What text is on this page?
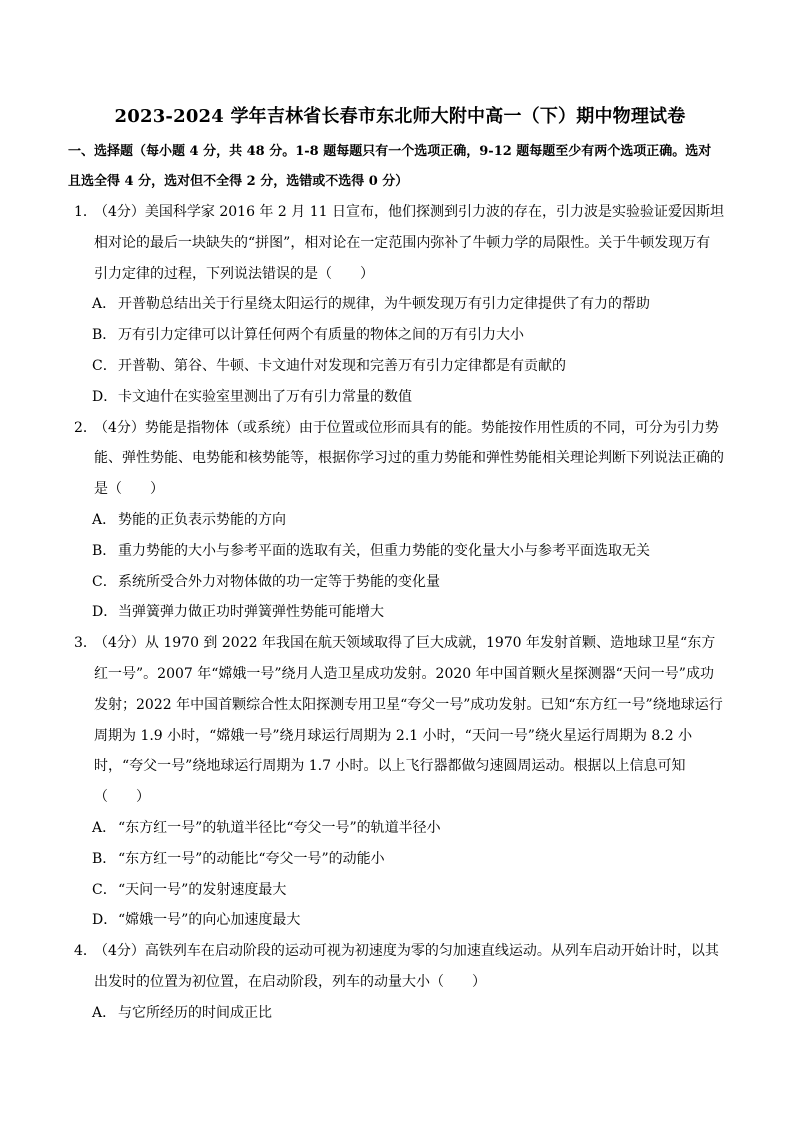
2023-2024 学年吉林省长春市东北师大附中高一（下）期中物理试卷
一、选择题（每小题 4 分，共 48 分。1-8 题每题只有一个选项正确，9-12 题每题至少有两个选项正确。选对且选全得 4 分，选对但不全得 2 分，选错或不选得 0 分）
1．
（4分）美国科学家 2016 年 2 月 11 日宣布，他们探测到引力波的存在，引力波是实验验证爱因斯坦相对论的最后一块缺失的“拼图”，相对论在一定范围内弥补了牛顿力学的局限性。关于牛顿发现万有引力定律的过程，下列说法错误的是（　　）
A． 开普勒总结出关于行星绕太阳运行的规律，为牛顿发现万有引力定律提供了有力的帮助
B． 万有引力定律可以计算任何两个有质量的物体之间的万有引力大小
C．开普勒、第谷、牛顿、卡文迪什对发现和完善万有引力定律都是有贡献的
D．卡文迪什在实验室里测出了万有引力常量的数值
2．
（4分）势能是指物体（或系统）由于位置或位形而具有的能。势能按作用性质的不同，可分为引力势能、弹性势能、电势能和核势能等，根据你学习过的重力势能和弹性势能相关理论判断下列说法正确的是（　　）
A． 势能的正负表示势能的方向
B． 重力势能的大小与参考平面的选取有关，但重力势能的变化量大小与参考平面选取无关
C．系统所受合外力对物体做的功一定等于势能的变化量
D．当弹簧弹力做正功时弹簧弹性势能可能增大
3．
（4分）从 1970 到 2022 年我国在航天领域取得了巨大成就，1970 年发射首颗、造地球卫星“东方红一号”。2007 年“嫦娥一号”绕月人造卫星成功发射。2020 年中国首颗火星探测器“天问一号”成功发射；2022 年中国首颗综合性太阳探测专用卫星“夸父一号”成功发射。已知“东方红一号”绕地球运行周期为 1.9 小时，“嫦娥一号”绕月球运行周期为 2.1 小时，“天问一号”绕火星运行周期为 8.2 小时，“夸父一号”绕地球运行周期为 1.7 小时。以上飞行器都做匀速圆周运动。根据以上信息可知（　　）
A． “东方红一号”的轨道半径比“夸父一号”的轨道半径小
B． “东方红一号”的动能比“夸父一号”的动能小
C．“天问一号”的发射速度最大
D．“嫦娥一号”的向心加速度最大
4．
（4分）高铁列车在启动阶段的运动可视为初速度为零的匀加速直线运动。从列车启动开始计时，以其出发时的位置为初位置，在启动阶段，列车的动量大小（　　）
A． 与它所经历的时间成正比
